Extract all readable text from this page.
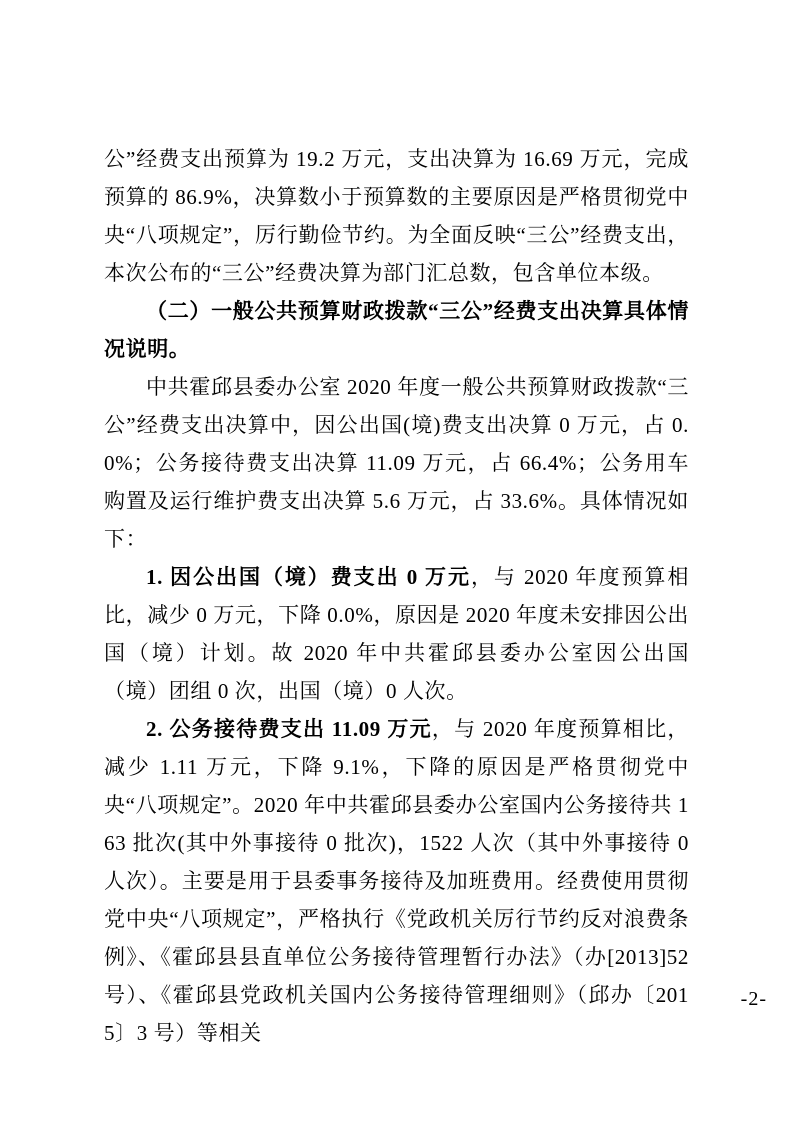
公”经费支出预算为 19.2 万元，支出决算为 16.69 万元，完成预算的 86.9%，决算数小于预算数的主要原因是严格贯彻党中央“八项规定”，厉行勤俭节约。为全面反映“三公”经费支出，本次公布的“三公”经费决算为部门汇总数，包含单位本级。

（二）一般公共预算财政拨款“三公”经费支出决算具体情况说明。

中共霍邱县委办公室 2020 年度一般公共预算财政拨款“三公”经费支出决算中，因公出国(境)费支出决算 0 万元，占 0.0%；公务接待费支出决算 11.09 万元，占 66.4%；公务用车购置及运行维护费支出决算 5.6 万元，占 33.6%。具体情况如下：

1. 因公出国（境）费支出 0 万元，与 2020 年度预算相比，减少 0 万元，下降 0.0%，原因是 2020 年度未安排因公出国（境）计划。故 2020 年中共霍邱县委办公室因公出国（境）团组 0 次，出国（境）0 人次。

2. 公务接待费支出 11.09 万元，与 2020 年度预算相比，减少 1.11 万元，下降 9.1%，下降的原因是严格贯彻党中央“八项规定”。2020 年中共霍邱县委办公室国内公务接待共 163 批次(其中外事接待 0 批次)，1522 人次（其中外事接待 0 人次）。主要是用于县委事务接待及加班费用。经费使用贯彻党中央“八项规定”，严格执行《党政机关厉行节约反对浪费条例》、《霍邱县县直单位公务接待管理暂行办法》（办[2013]52 号）、《霍邱县党政机关国内公务接待管理细则》（邱办〔2015〕3 号）等相关

-2-
